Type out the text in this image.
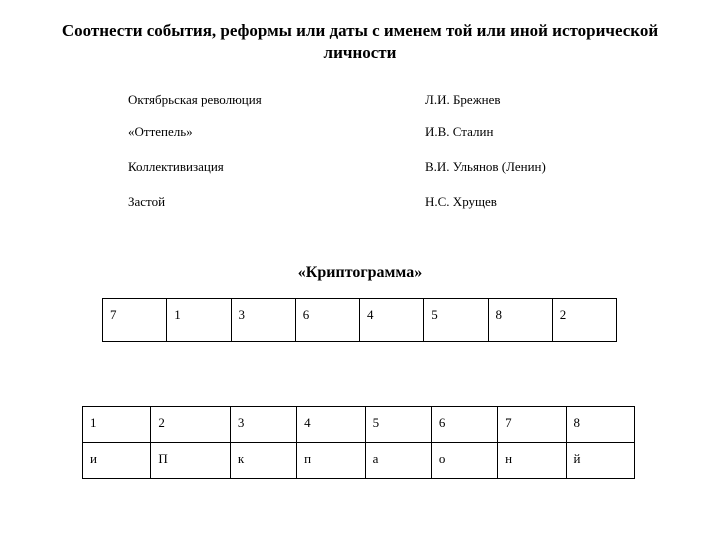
Соотнести события, реформы или даты с именем той или иной исторической личности
Октябрьская революция	Л.И. Брежнев
«Оттепель»	И.В. Сталин
Коллективизация	В.И. Ульянов (Ленин)
Застой	Н.С. Хрущев
«Криптограмма»
7	1	3	6	4	5	8	2
1	2	3	4	5	6	7	8
и	П	к	п	а	о	н	й
